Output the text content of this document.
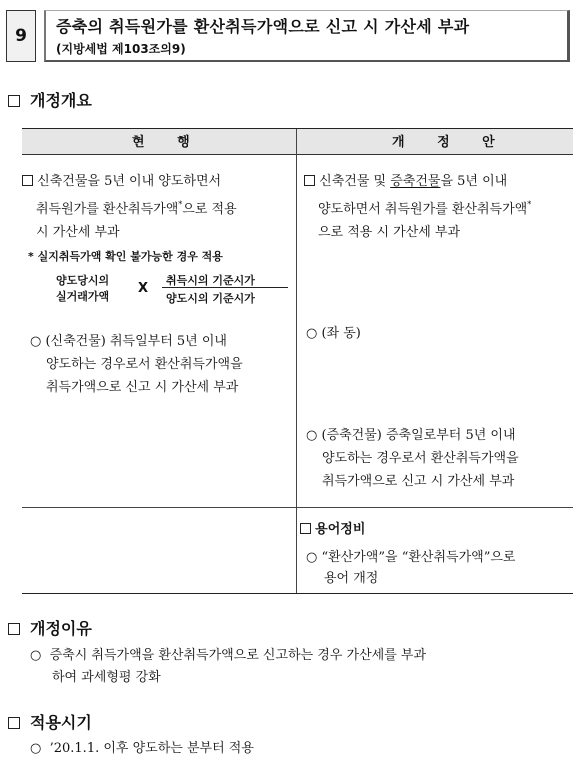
9 증축의 취득원가를 환산취득가액으로 신고 시 가산세 부과
(지방세법 제103조의9)
개정개요
현 행	개 정 안
신축건물을 5년 이내 양도하면서
취득원가를 환산취득가액*으로 적용
시 가산세 부과
* 실지취득가액 확인 불가능한 경우 적용
양도당시의
실거래가액
X
취득시의 기준시가
양도시의 기준시가
○ (신축건물) 취득일부터 5년 이내
양도하는 경우로서 환산취득가액을
취득가액으로 신고 시 가산세 부과
신축건물 및 증축건물을 5년 이내
양도하면서 취득원가를 환산취득가액*
으로 적용 시 가산세 부과
○ (좌 동)
○ (증축건물) 증축일로부터 5년 이내
양도하는 경우로서 환산취득가액을
취득가액으로 신고 시 가산세 부과
용어정비
○ “환산가액”을 “환산취득가액”으로
용어 개정
개정이유
○ 증축시 취득가액을 환산취득가액으로 신고하는 경우 가산세를 부과
하여 과세형평 강화
적용시기
○ ’20.1.1. 이후 양도하는 분부터 적용
